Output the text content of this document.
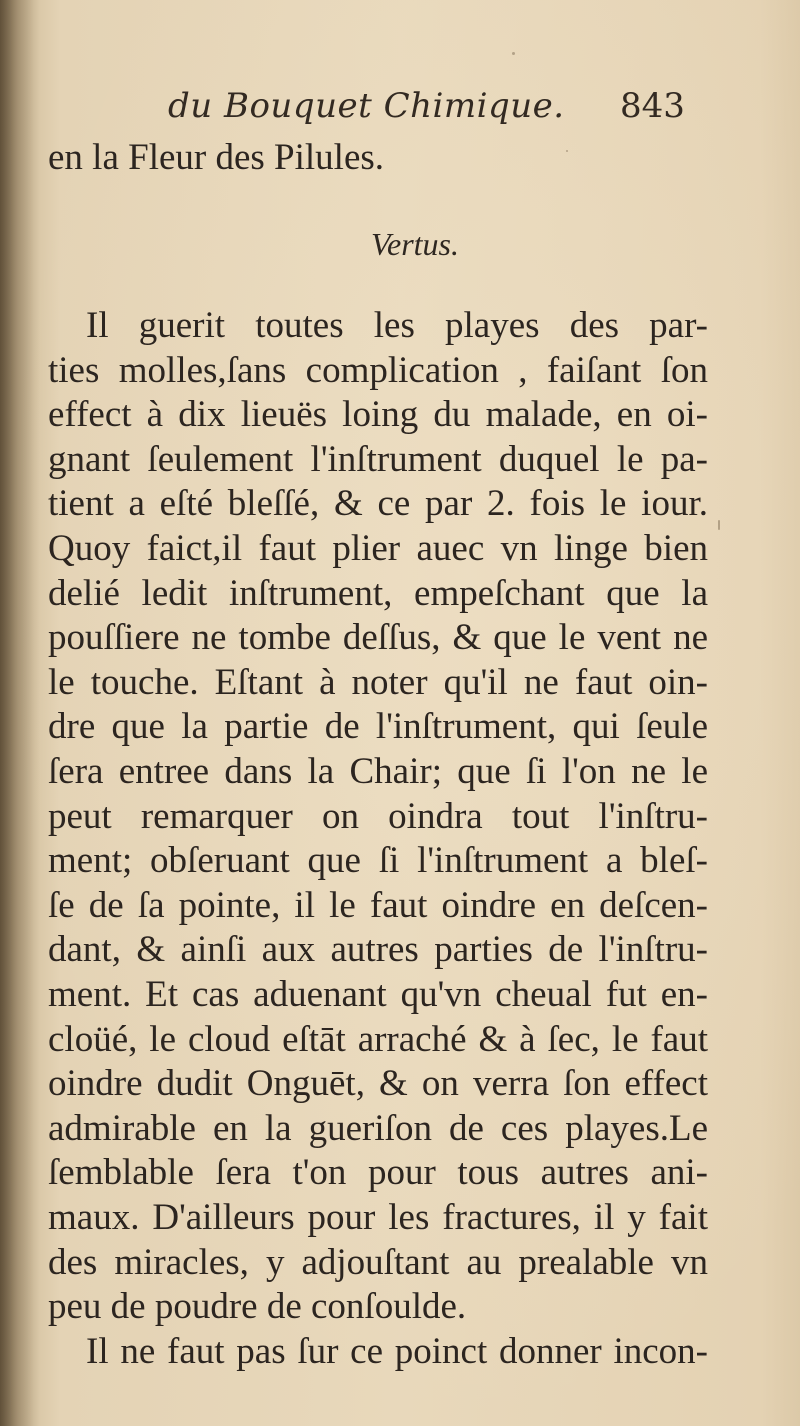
du Bouquet Chimique. 843
en la Fleur des Pilules.
Vertus.
Il guerit toutes les playes des par-
ties molles,ſans complication , faiſant ſon
effect à dix lieuës loing du malade, en oi-
gnant ſeulement l'inſtrument duquel le pa-
tient a eſté bleſſé, & ce par 2. fois le iour.
Quoy faict,il faut plier auec vn linge bien
delié ledit inſtrument, empeſchant que la
pouſſiere ne tombe deſſus, & que le vent ne
le touche. Eſtant à noter qu'il ne faut oin-
dre que la partie de l'inſtrument, qui ſeule
ſera entree dans la Chair; que ſi l'on ne le
peut remarquer on oindra tout l'inſtru-
ment; obſeruant que ſi l'inſtrument a bleſ-
ſe de ſa pointe, il le faut oindre en deſcen-
dant, & ainſi aux autres parties de l'inſtru-
ment. Et cas aduenant qu'vn cheual fut en-
cloüé, le cloud eſtāt arraché & à ſec, le faut
oindre dudit Onguēt, & on verra ſon effect
admirable en la gueriſon de ces playes.Le
ſemblable ſera t'on pour tous autres ani-
maux. D'ailleurs pour les fractures, il y fait
des miracles, y adjouſtant au prealable vn
peu de poudre de conſoulde.
Il ne faut pas ſur ce poinct donner incon-
